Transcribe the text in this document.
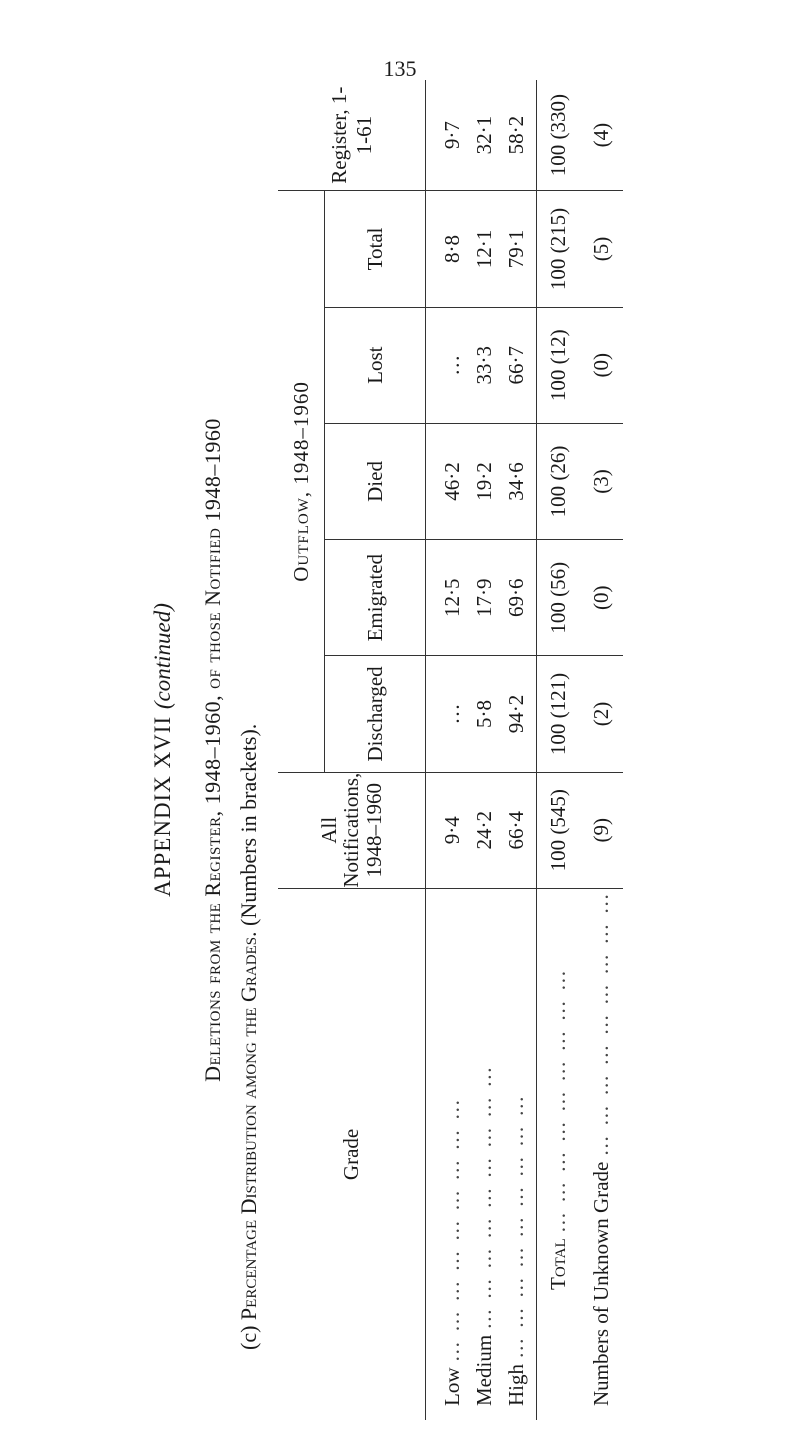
135
APPENDIX XVII (continued) Deletions from the Register, 1948–1960, of those Notified 1948–1960
(c) Percentage Distribution among the Grades. (Numbers in brackets).
Grade	All Notifications, 1948–1960	Outflow, 1948–1960					Register, 1-1-61
		Discharged	Emigrated	Died	Lost	Total	

Low … … … … … … … … …	9·4	…	12·5	46·2	…	8·8	9·7
Medium … … … … … … … … …	24·2	5·8	17·9	19·2	33·3	12·1	32·1
High … … … … … … … … …	66·4	94·2	69·6	34·6	66·7	79·1	58·2

Total … … … … … … … … …	100 (545)	100 (121)	100 (56)	100 (26)	100 (12)	100 (215)	100 (330)
Numbers of Unknown Grade … … … … … … … … …	(9)	(2)	(0)	(3)	(0)	(5)	(4)
